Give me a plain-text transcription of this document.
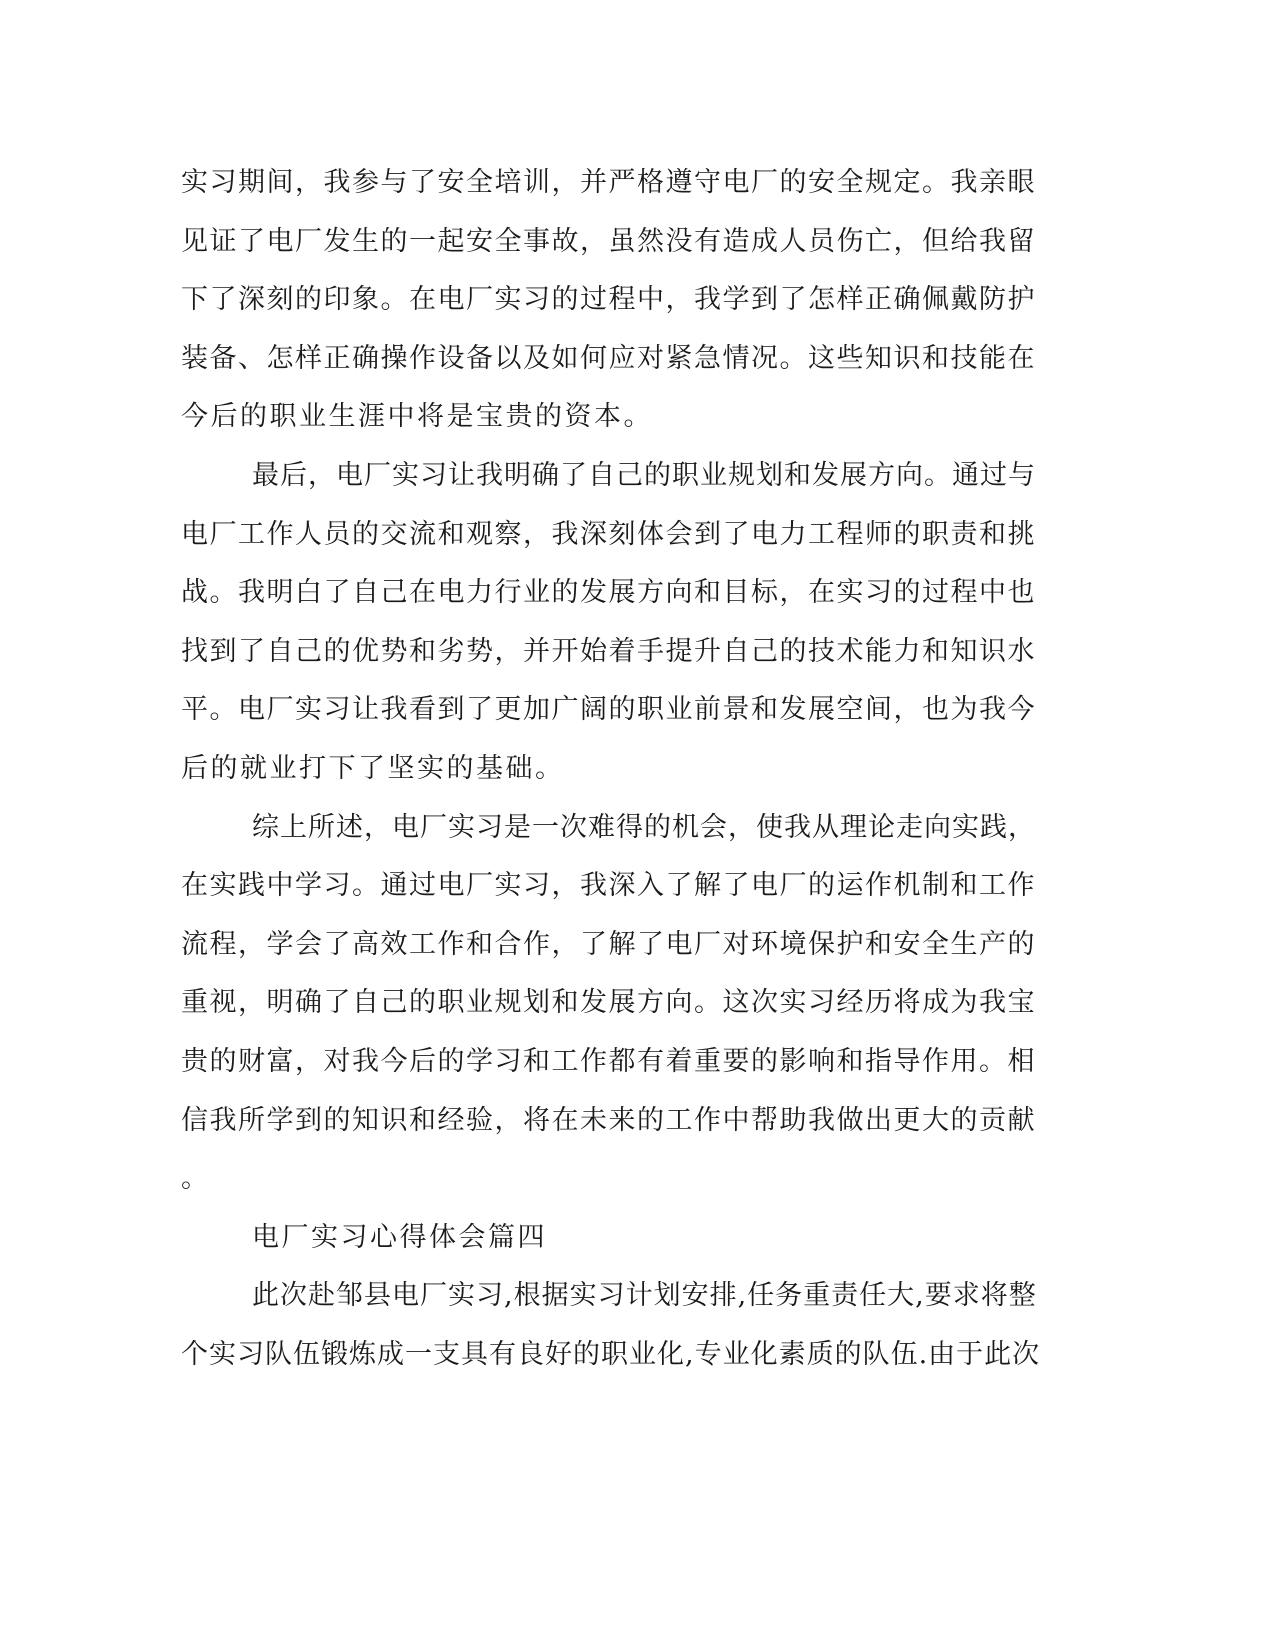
实习期间，我参与了安全培训，并严格遵守电厂的安全规定。我亲眼

见证了电厂发生的一起安全事故，虽然没有造成人员伤亡，但给我留

下了深刻的印象。在电厂实习的过程中，我学到了怎样正确佩戴防护

装备、怎样正确操作设备以及如何应对紧急情况。这些知识和技能在

今后的职业生涯中将是宝贵的资本。

最后，电厂实习让我明确了自己的职业规划和发展方向。通过与

电厂工作人员的交流和观察，我深刻体会到了电力工程师的职责和挑

战。我明白了自己在电力行业的发展方向和目标，在实习的过程中也

找到了自己的优势和劣势，并开始着手提升自己的技术能力和知识水

平。电厂实习让我看到了更加广阔的职业前景和发展空间，也为我今

后的就业打下了坚实的基础。

综上所述，电厂实习是一次难得的机会，使我从理论走向实践，

在实践中学习。通过电厂实习，我深入了解了电厂的运作机制和工作

流程，学会了高效工作和合作，了解了电厂对环境保护和安全生产的

重视，明确了自己的职业规划和发展方向。这次实习经历将成为我宝

贵的财富，对我今后的学习和工作都有着重要的影响和指导作用。相

信我所学到的知识和经验，将在未来的工作中帮助我做出更大的贡献

。

电厂实习心得体会篇四

此次赴邹县电厂实习,根据实习计划安排,任务重责任大,要求将整

个实习队伍锻炼成一支具有良好的职业化,专业化素质的队伍.由于此次
